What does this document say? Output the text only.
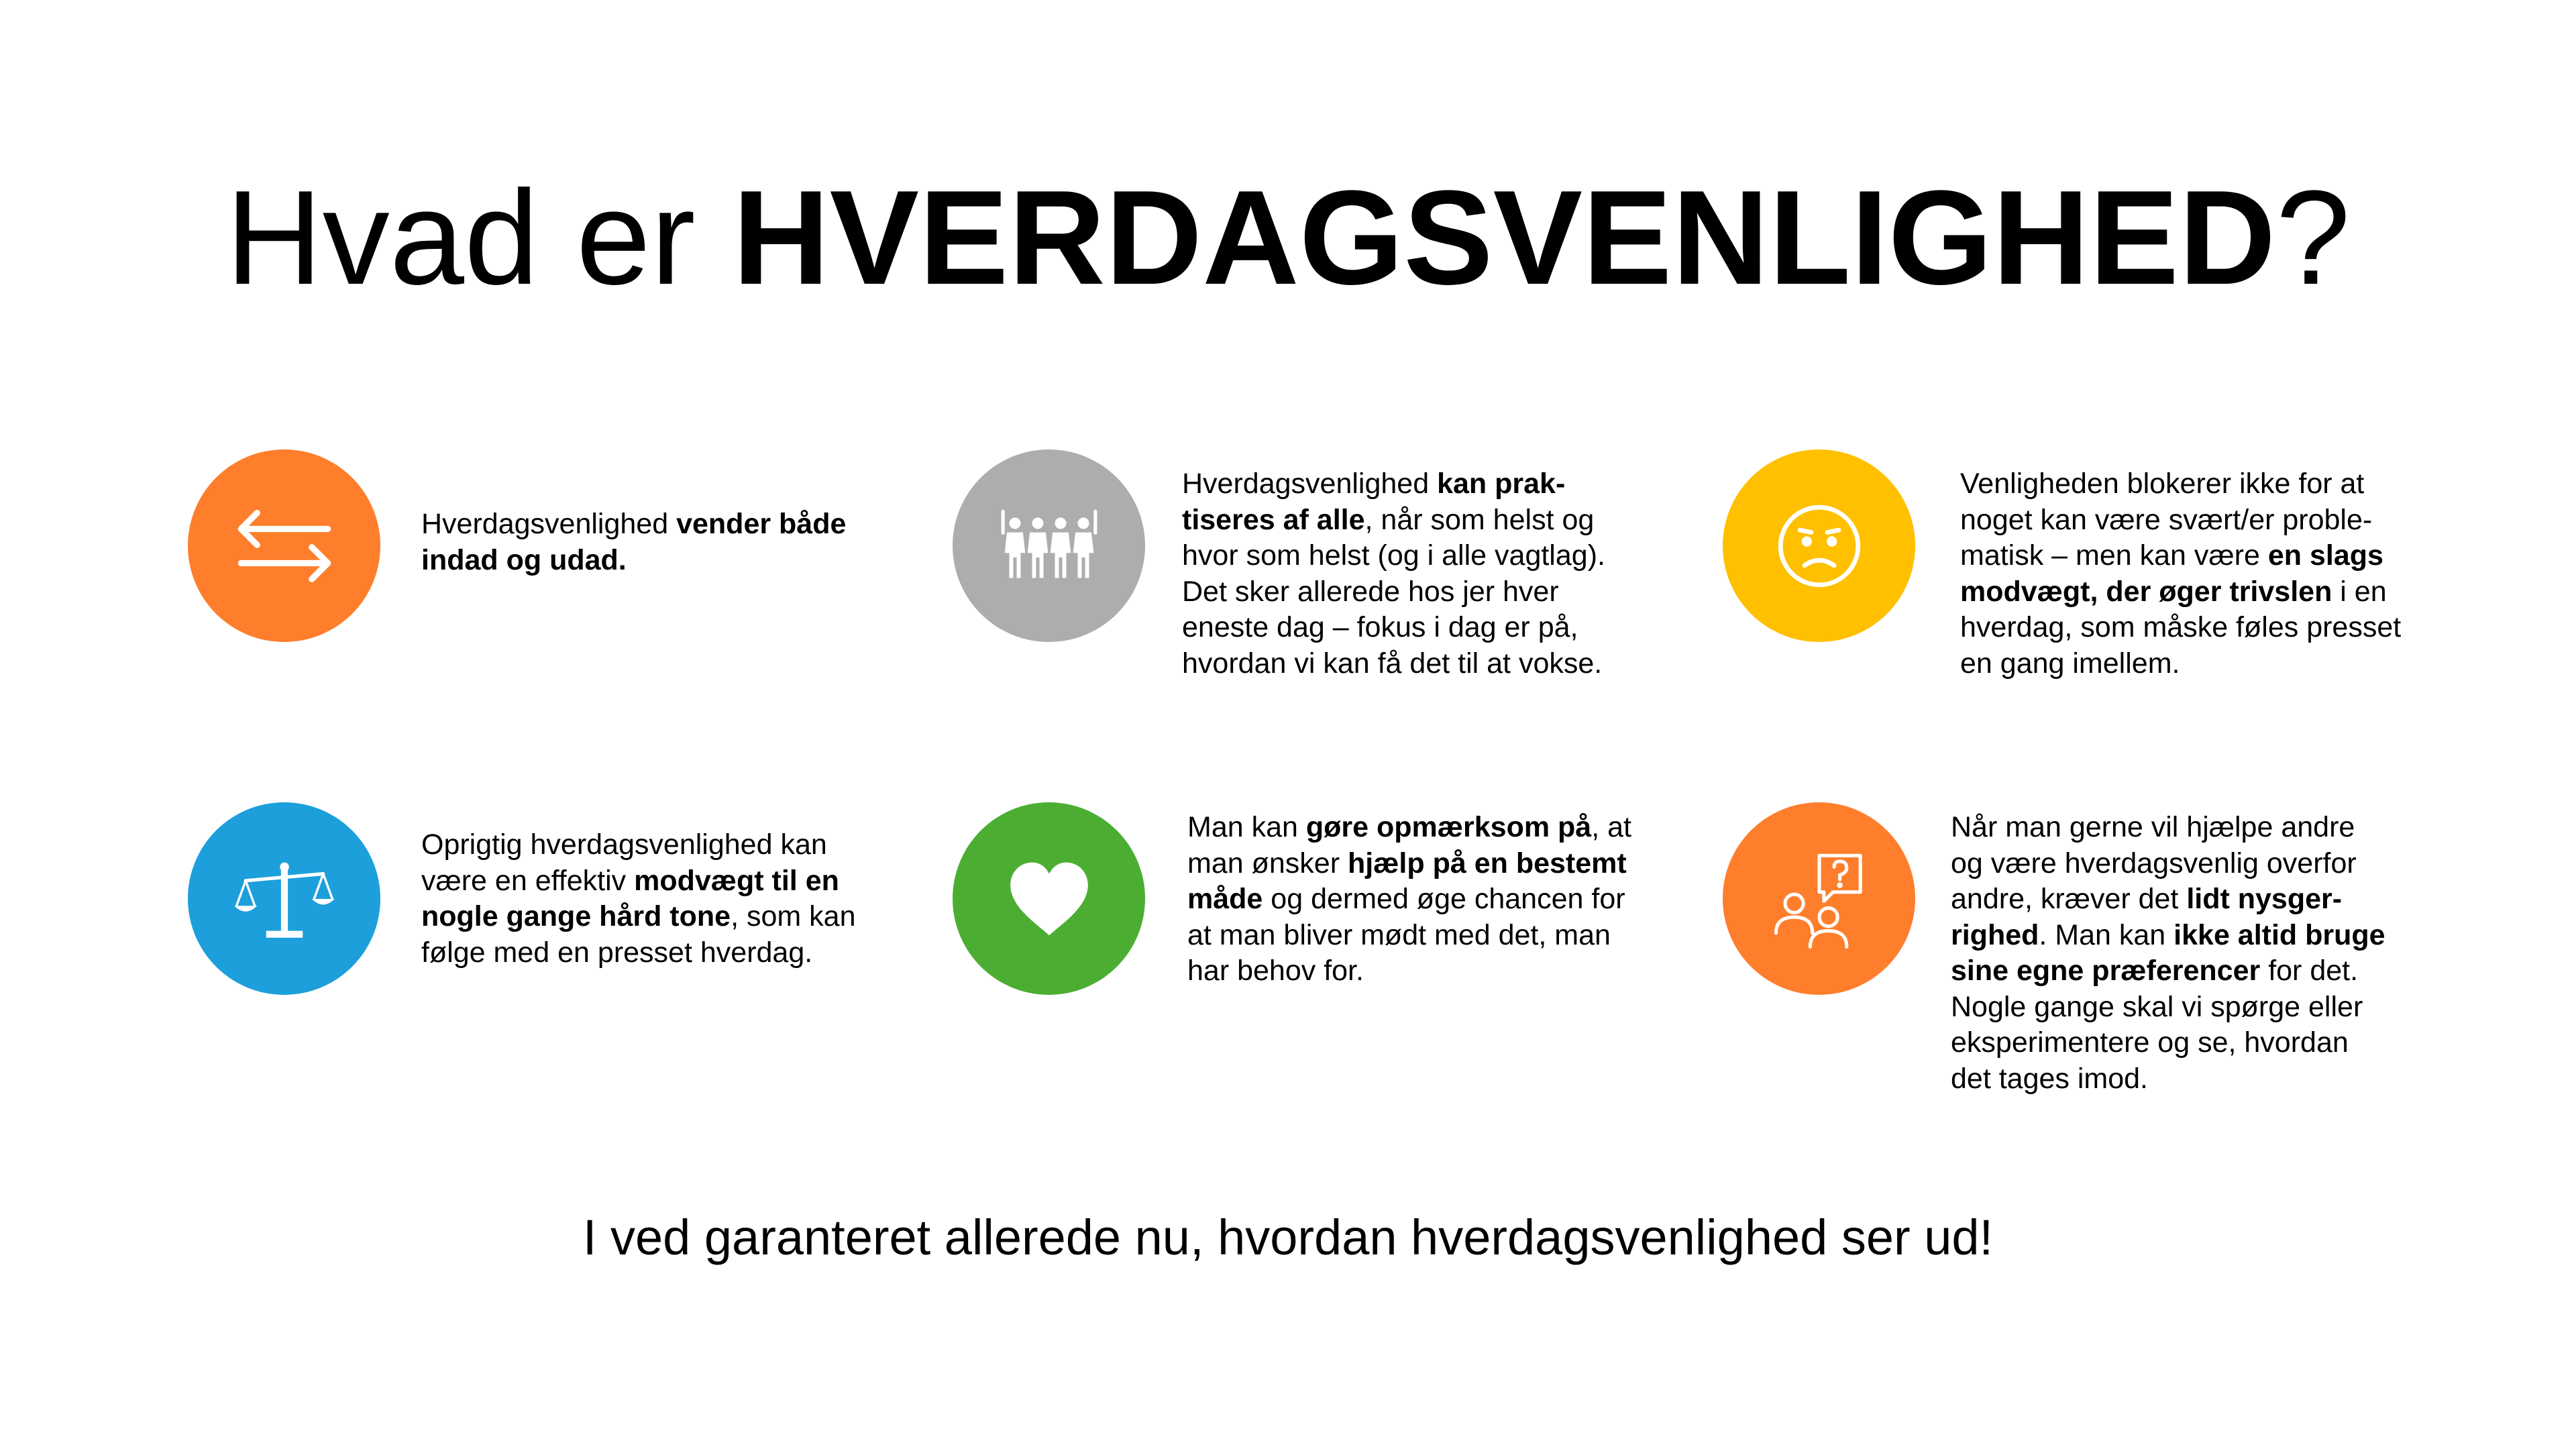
Hvad er HVERDAGSVENLIGHED?
Hverdagsvenlighed vender både
indad og udad.
Hverdagsvenlighed kan prak-
tiseres af alle, når som helst og
hvor som helst (og i alle vagtlag).
Det sker allerede hos jer hver
eneste dag – fokus i dag er på,
hvordan vi kan få det til at vokse.
Venligheden blokerer ikke for at
noget kan være svært/er proble-
matisk – men kan være en slags
modvægt, der øger trivslen i en
hverdag, som måske føles presset
en gang imellem.
Oprigtig hverdagsvenlighed kan
være en effektiv modvægt til en
nogle gange hård tone, som kan
følge med en presset hverdag.
Man kan gøre opmærksom på, at
man ønsker hjælp på en bestemt
måde og dermed øge chancen for
at man bliver mødt med det, man
har behov for.
Når man gerne vil hjælpe andre
og være hverdagsvenlig overfor
andre, kræver det lidt nysger-
righed. Man kan ikke altid bruge
sine egne præferencer for det.
Nogle gange skal vi spørge eller
eksperimentere og se, hvordan
det tages imod.
I ved garanteret allerede nu, hvordan hverdagsvenlighed ser ud!
